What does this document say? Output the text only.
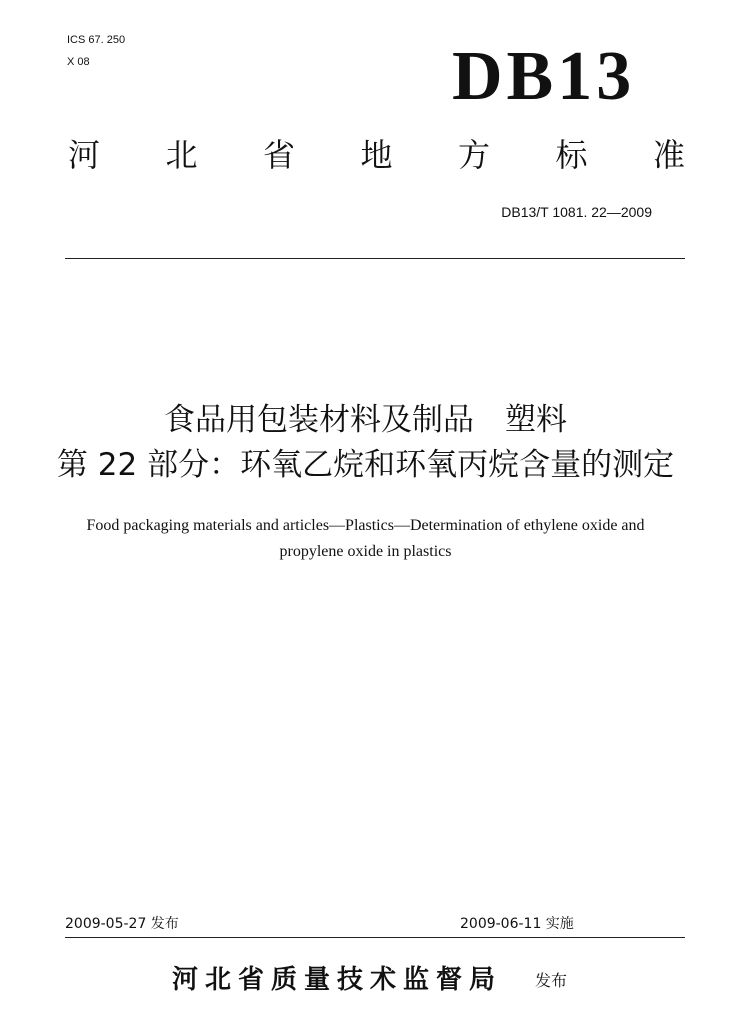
ICS 67. 250
X 08	DB13
河 北 省 地 方 标 准
DB13/T 1081. 22—2009
食品用包装材料及制品　塑料
第 22 部分：环氧乙烷和环氧丙烷含量的测定
Food packaging materials and articles—Plastics—Determination of ethylene oxide and
propylene oxide in plastics
2009-05-27 发布	2009-06-11 实施
河北省质量技术监督局 发布
